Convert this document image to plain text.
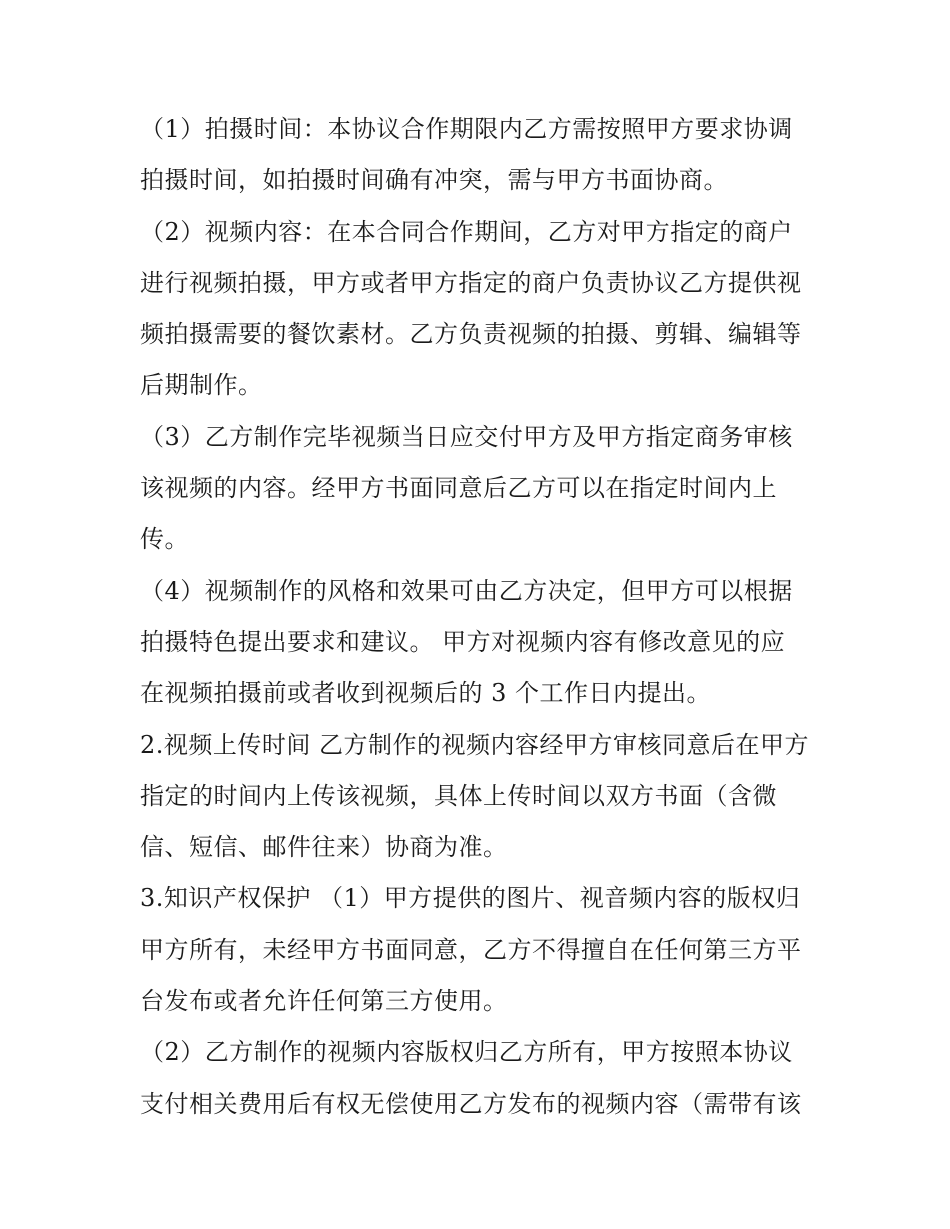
（1）拍摄时间：本协议合作期限内乙方需按照甲方要求协调
拍摄时间，如拍摄时间确有冲突，需与甲方书面协商。
（2）视频内容：在本合同合作期间，乙方对甲方指定的商户
进行视频拍摄，甲方或者甲方指定的商户负责协议乙方提供视
频拍摄需要的餐饮素材。乙方负责视频的拍摄、剪辑、编辑等
后期制作。
（3）乙方制作完毕视频当日应交付甲方及甲方指定商务审核
该视频的内容。经甲方书面同意后乙方可以在指定时间内上
传。
（4）视频制作的风格和效果可由乙方决定，但甲方可以根据
拍摄特色提出要求和建议。 甲方对视频内容有修改意见的应
在视频拍摄前或者收到视频后的 3 个工作日内提出。
2.视频上传时间 乙方制作的视频内容经甲方审核同意后在甲方
指定的时间内上传该视频，具体上传时间以双方书面（含微
信、短信、邮件往来）协商为准。
3.知识产权保护 （1）甲方提供的图片、视音频内容的版权归
甲方所有，未经甲方书面同意，乙方不得擅自在任何第三方平
台发布或者允许任何第三方使用。
（2）乙方制作的视频内容版权归乙方所有，甲方按照本协议
支付相关费用后有权无偿使用乙方发布的视频内容（需带有该
